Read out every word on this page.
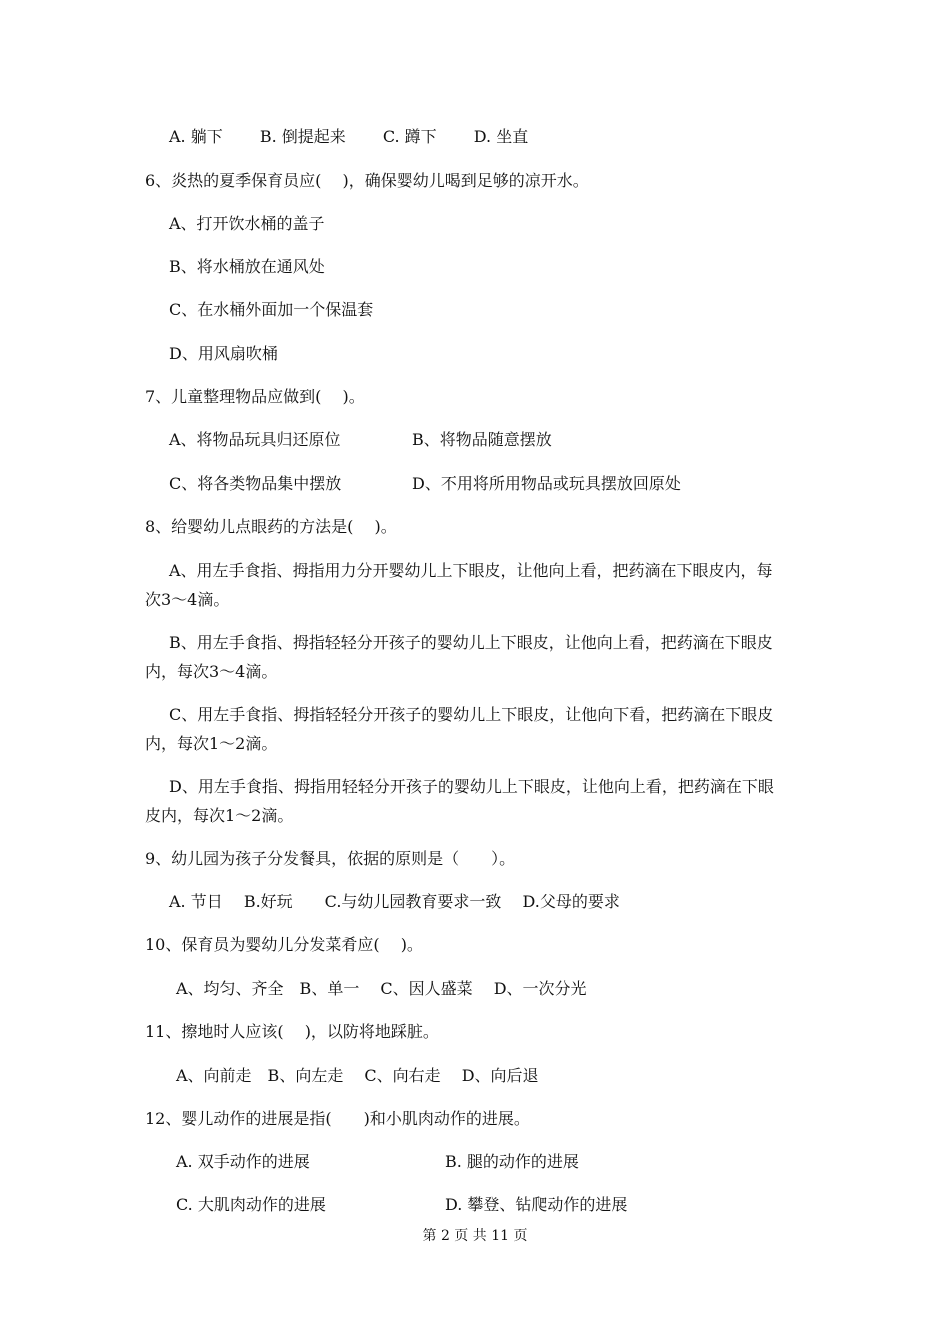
A. 躺下　　 B. 倒提起来　　 C. 蹲下　　 D. 坐直
6、炎热的夏季保育员应(　 )，确保婴幼儿喝到足够的凉开水。
A、打开饮水桶的盖子
B、将水桶放在通风处
C、在水桶外面加一个保温套
D、用风扇吹桶
7、儿童整理物品应做到(　 )。
A、将物品玩具归还原位	B、将物品随意摆放
C、将各类物品集中摆放	D、不用将所用物品或玩具摆放回原处
8、给婴幼儿点眼药的方法是(　 )。
A、用左手食指、拇指用力分开婴幼儿上下眼皮，让他向上看，把药滴在下眼皮内，每
次3～4滴。
B、用左手食指、拇指轻轻分开孩子的婴幼儿上下眼皮，让他向上看，把药滴在下眼皮
内，每次3～4滴。
C、用左手食指、拇指轻轻分开孩子的婴幼儿上下眼皮，让他向下看，把药滴在下眼皮
内，每次1～2滴。
D、用左手食指、拇指用轻轻分开孩子的婴幼儿上下眼皮，让他向上看，把药滴在下眼
皮内，每次1～2滴。
9、幼儿园为孩子分发餐具，依据的原则是（　　）。
A. 节日　 B.好玩　　C.与幼儿园教育要求一致　 D.父母的要求
10、保育员为婴幼儿分发菜肴应(　 )。
A、均匀、齐全　B、单一　 C、因人盛菜　 D、一次分光
11、擦地时人应该(　 )，以防将地踩脏。
A、向前走　B、向左走　 C、向右走　 D、向后退
12、婴儿动作的进展是指(　　)和小肌肉动作的进展。
A. 双手动作的进展	B. 腿的动作的进展
C. 大肌肉动作的进展	D. 攀登、钻爬动作的进展
第 2 页 共 11 页
